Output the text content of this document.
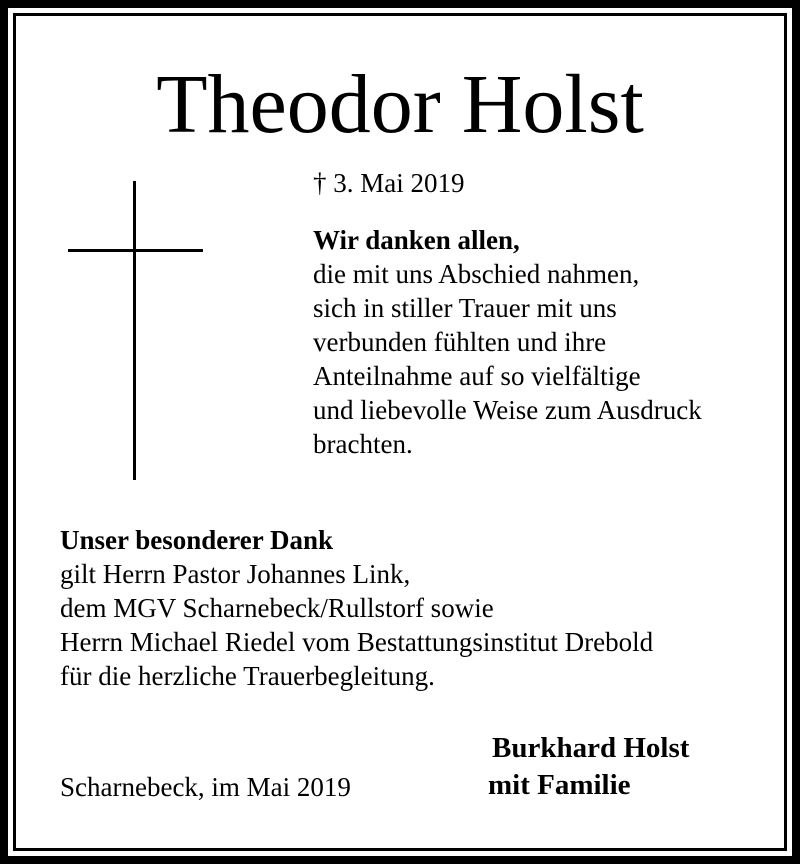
Theodor Holst
† 3. Mai 2019
Wir danken allen,
die mit uns Abschied nahmen,
sich in stiller Trauer mit uns
verbunden fühlten und ihre
Anteilnahme auf so vielfältige
und liebevolle Weise zum Ausdruck
brachten.
Unser besonderer Dank
gilt Herrn Pastor Johannes Link,
dem MGV Scharnebeck/Rullstorf sowie
Herrn Michael Riedel vom Bestattungsinstitut Drebold
für die herzliche Trauerbegleitung.
Scharnebeck, im Mai 2019
Burkhard Holst
mit Familie
